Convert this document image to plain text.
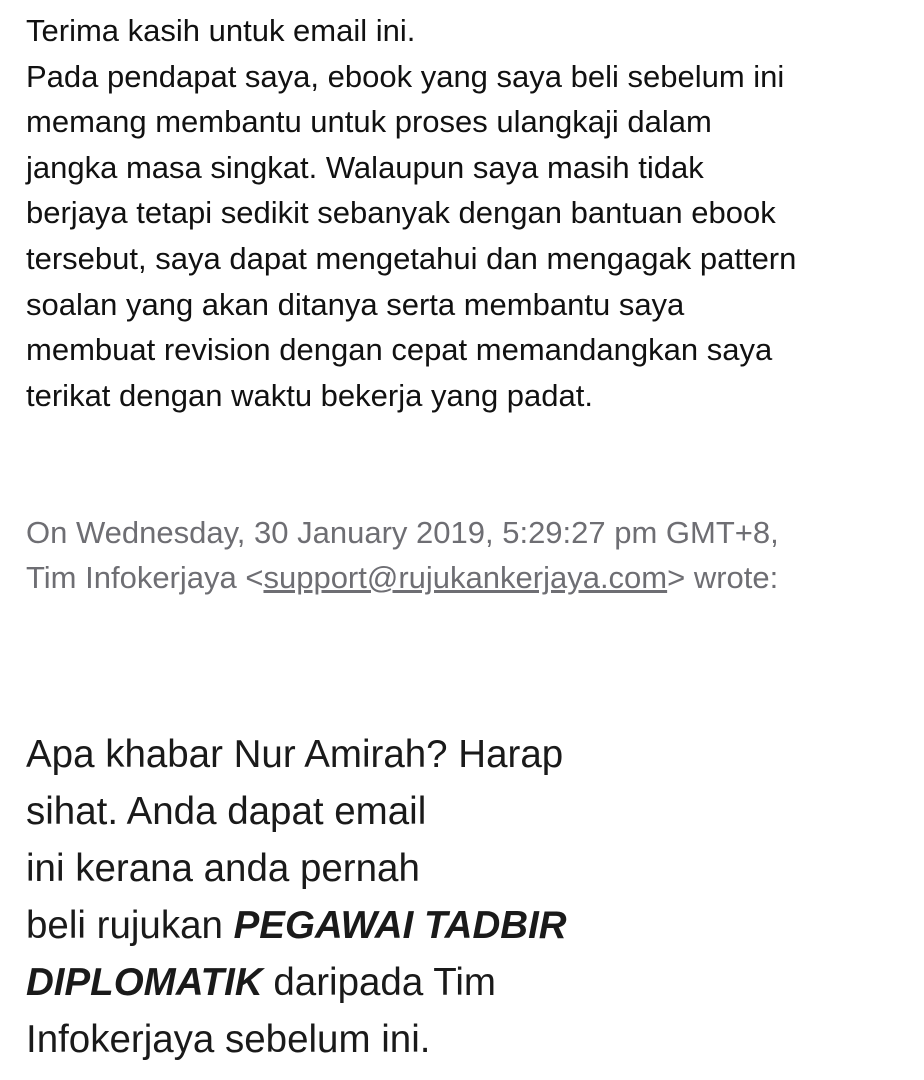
Terima kasih untuk email ini.

Pada pendapat saya, ebook yang saya beli sebelum ini

memang membantu untuk proses ulangkaji dalam

jangka masa singkat. Walaupun saya masih tidak

berjaya tetapi sedikit sebanyak dengan bantuan ebook

tersebut, saya dapat mengetahui dan mengagak pattern

soalan yang akan ditanya serta membantu saya

membuat revision dengan cepat memandangkan saya

terikat dengan waktu bekerja yang padat.

On Wednesday, 30 January 2019, 5:29:27 pm GMT+8,
Tim Infokerjaya <support@rujukankerjaya.com> wrote:
Apa khabar Nur Amirah? Harap
sihat. Anda dapat email
ini kerana anda pernah
beli rujukan PEGAWAI TADBIR
DIPLOMATIK daripada Tim
Infokerjaya sebelum ini.
